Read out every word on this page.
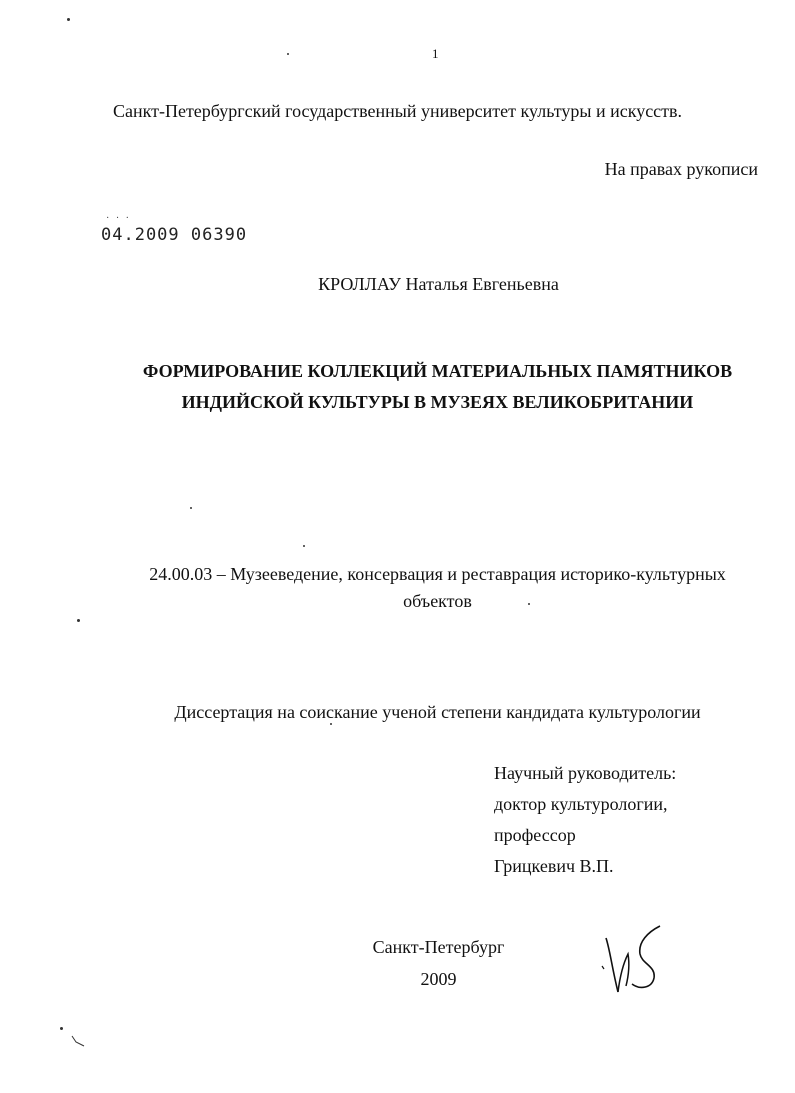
1
Санкт-Петербургский государственный университет культуры и искусств.
На правах рукописи
· · ·
04.2009 06390
КРОЛЛАУ Наталья Евгеньевна
ФОРМИРОВАНИЕ КОЛЛЕКЦИЙ МАТЕРИАЛЬНЫХ ПАМЯТНИКОВ
ИНДИЙСКОЙ КУЛЬТУРЫ В МУЗЕЯХ ВЕЛИКОБРИТАНИИ
24.00.03 – Музееведение, консервация и реставрация историко-культурных
объектов
Диссертация на соискание ученой степени кандидата культурологии
Научный руководитель:
доктор культурологии,
профессор
Грицкевич В.П.
Санкт-Петербург
2009
